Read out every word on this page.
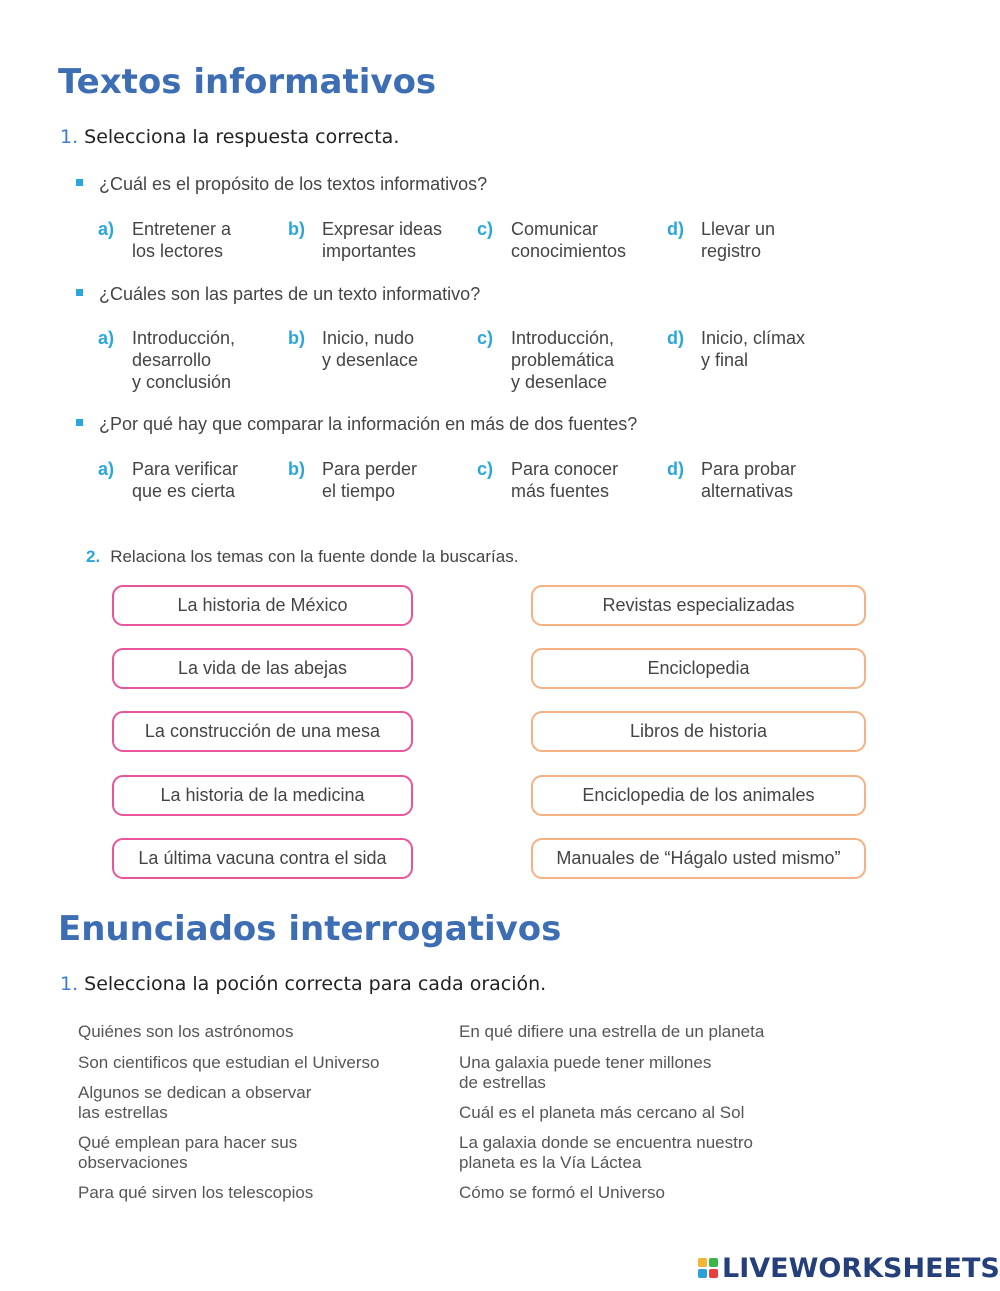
Textos informativos
1. Selecciona la respuesta correcta.
¿Cuál es el propósito de los textos informativos?
a) Entretener a
los lectores
b) Expresar ideas
importantes
c) Comunicar
conocimientos
d) Llevar un
registro
¿Cuáles son las partes de un texto informativo?
a) Introducción,
desarrollo
y conclusión
b) Inicio, nudo
y desenlace
c) Introducción,
problemática
y desenlace
d) Inicio, clímax
y final
¿Por qué hay que comparar la información en más de dos fuentes?
a) Para verificar
que es cierta
b) Para perder
el tiempo
c) Para conocer
más fuentes
d) Para probar
alternativas
2. Relaciona los temas con la fuente donde la buscarías.
La historia de México
La vida de las abejas
La construcción de una mesa
La historia de la medicina
La última vacuna contra el sida
Revistas especializadas
Enciclopedia
Libros de historia
Enciclopedia de los animales
Manuales de “Hágalo usted mismo”
Enunciados interrogativos
1. Selecciona la poción correcta para cada oración.
Quiénes son los astrónomos
Son cientificos que estudian el Universo
Algunos se dedican a observar
las estrellas
Qué emplean para hacer sus
observaciones
Para qué sirven los telescopios
En qué difiere una estrella de un planeta
Una galaxia puede tener millones
de estrellas
Cuál es el planeta más cercano al Sol
La galaxia donde se encuentra nuestro
planeta es la Vía Láctea
Cómo se formó el Universo
LIVEWORKSHEETS
